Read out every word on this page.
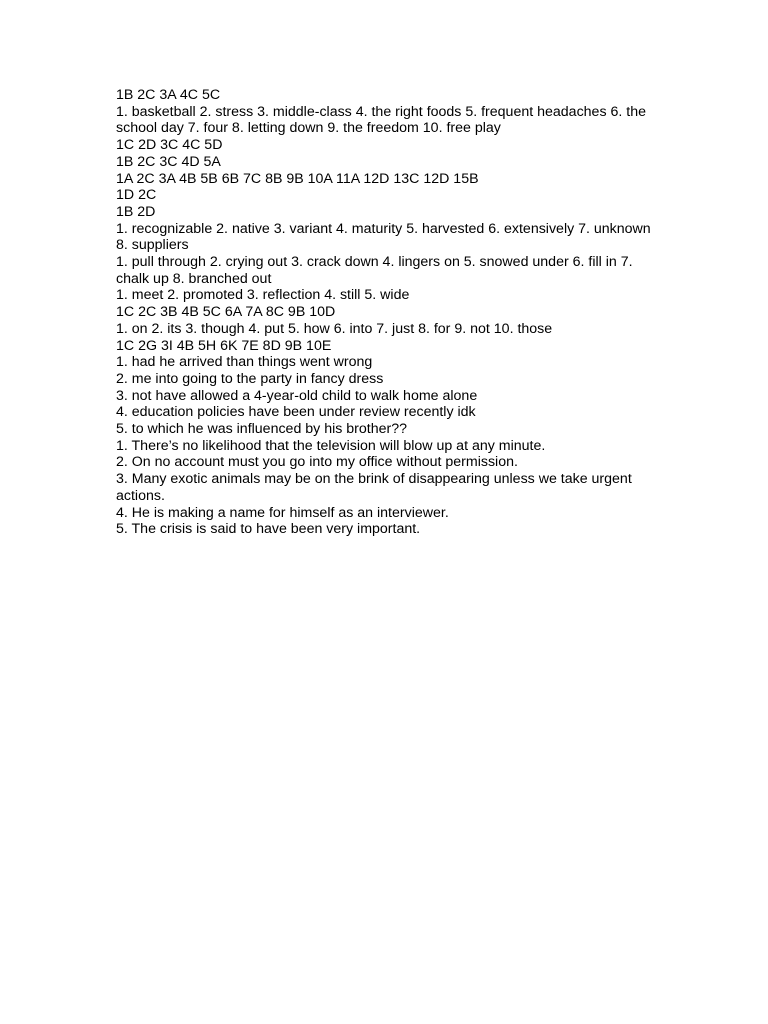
1B 2C 3A 4C 5C

1. basketball 2. stress 3. middle-class 4. the right foods 5. frequent headaches 6. the school day 7. four 8. letting down 9. the freedom 10. free play

1C 2D 3C 4C 5D

1B 2C 3C 4D 5A

1A 2C 3A 4B 5B 6B 7C 8B 9B 10A 11A 12D 13C 12D 15B

1D 2C

1B 2D

1. recognizable 2. native 3. variant 4. maturity 5. harvested 6. extensively 7. unknown 8. suppliers

1. pull through 2. crying out 3. crack down 4. lingers on 5. snowed under 6. fill in 7. chalk up 8. branched out

1. meet 2. promoted 3. reflection 4. still 5. wide

1C 2C 3B 4B 5C 6A 7A 8C 9B 10D

1. on 2. its 3. though 4. put 5. how 6. into 7. just 8. for 9. not 10. those

1C 2G 3I 4B 5H 6K 7E 8D 9B 10E

1. had he arrived than things went wrong

2. me into going to the party in fancy dress

3. not have allowed a 4-year-old child to walk home alone

4. education policies have been under review recently idk

5. to which he was influenced by his brother??

1. There’s no likelihood that the television will blow up at any minute.

2. On no account must you go into my office without permission.

3. Many exotic animals may be on the brink of disappearing unless we take urgent actions.

4. He is making a name for himself as an interviewer.

5. The crisis is said to have been very important.
